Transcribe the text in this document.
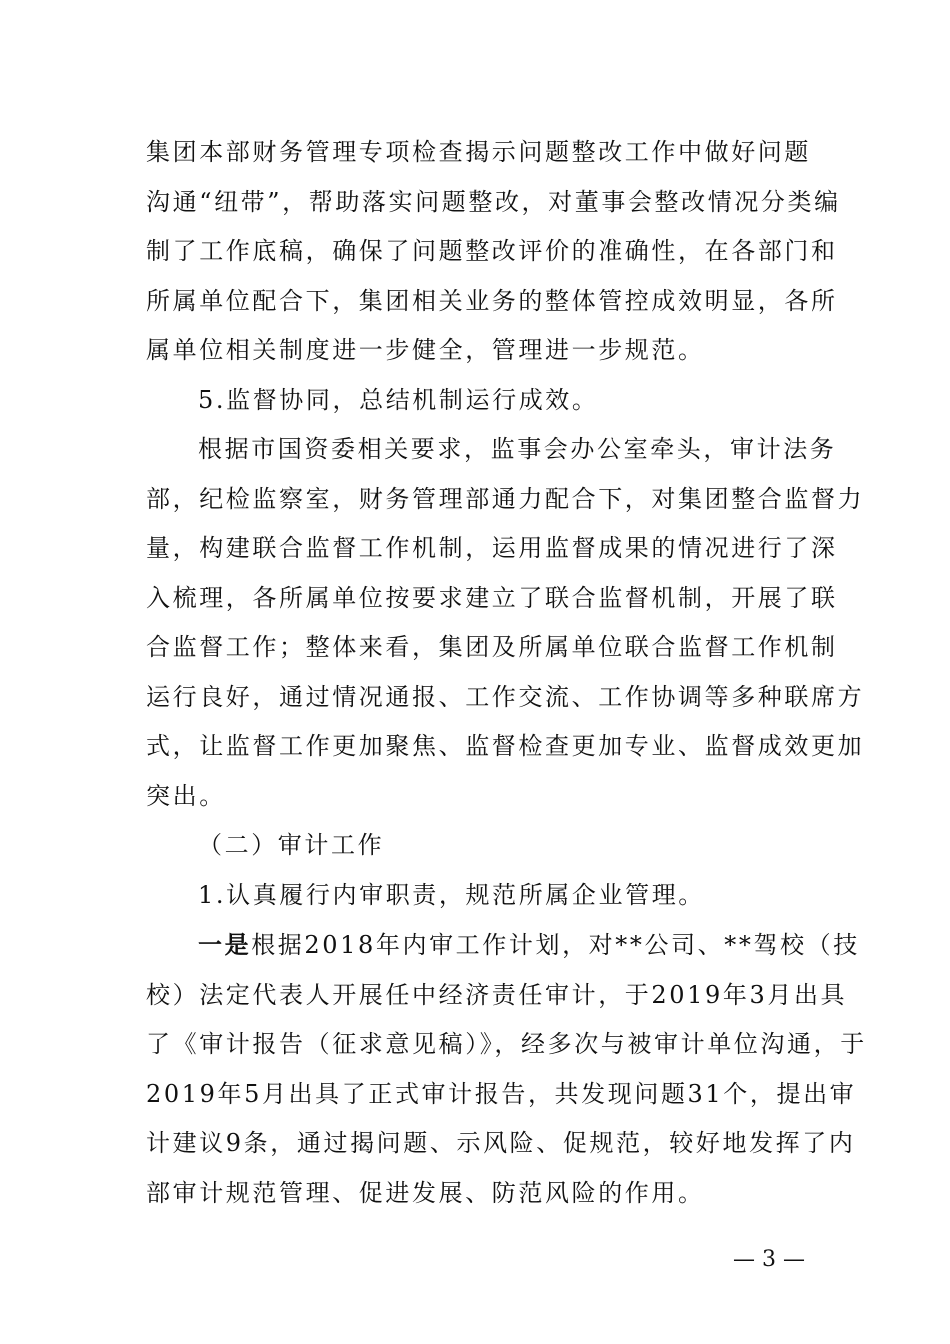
集团本部财务管理专项检查揭示问题整改工作中做好问题
沟通“纽带”，帮助落实问题整改，对董事会整改情况分类编
制了工作底稿，确保了问题整改评价的准确性，在各部门和
所属单位配合下，集团相关业务的整体管控成效明显，各所
属单位相关制度进一步健全，管理进一步规范。

5.监督协同，总结机制运行成效。

根据市国资委相关要求，监事会办公室牵头，审计法务
部，纪检监察室，财务管理部通力配合下，对集团整合监督力
量，构建联合监督工作机制，运用监督成果的情况进行了深
入梳理，各所属单位按要求建立了联合监督机制，开展了联
合监督工作；整体来看，集团及所属单位联合监督工作机制
运行良好，通过情况通报、工作交流、工作协调等多种联席方
式，让监督工作更加聚焦、监督检查更加专业、监督成效更加
突出。

（二）审计工作

1.认真履行内审职责，规范所属企业管理。

一是根据2018年内审工作计划，对**公司、**驾校（技
校）法定代表人开展任中经济责任审计，于2019年3月出具
了《审计报告（征求意见稿）》，经多次与被审计单位沟通，于
2019年5月出具了正式审计报告，共发现问题31个，提出审
计建议9条，通过揭问题、示风险、促规范，较好地发挥了内
部审计规范管理、促进发展、防范风险的作用。

— 3 —
